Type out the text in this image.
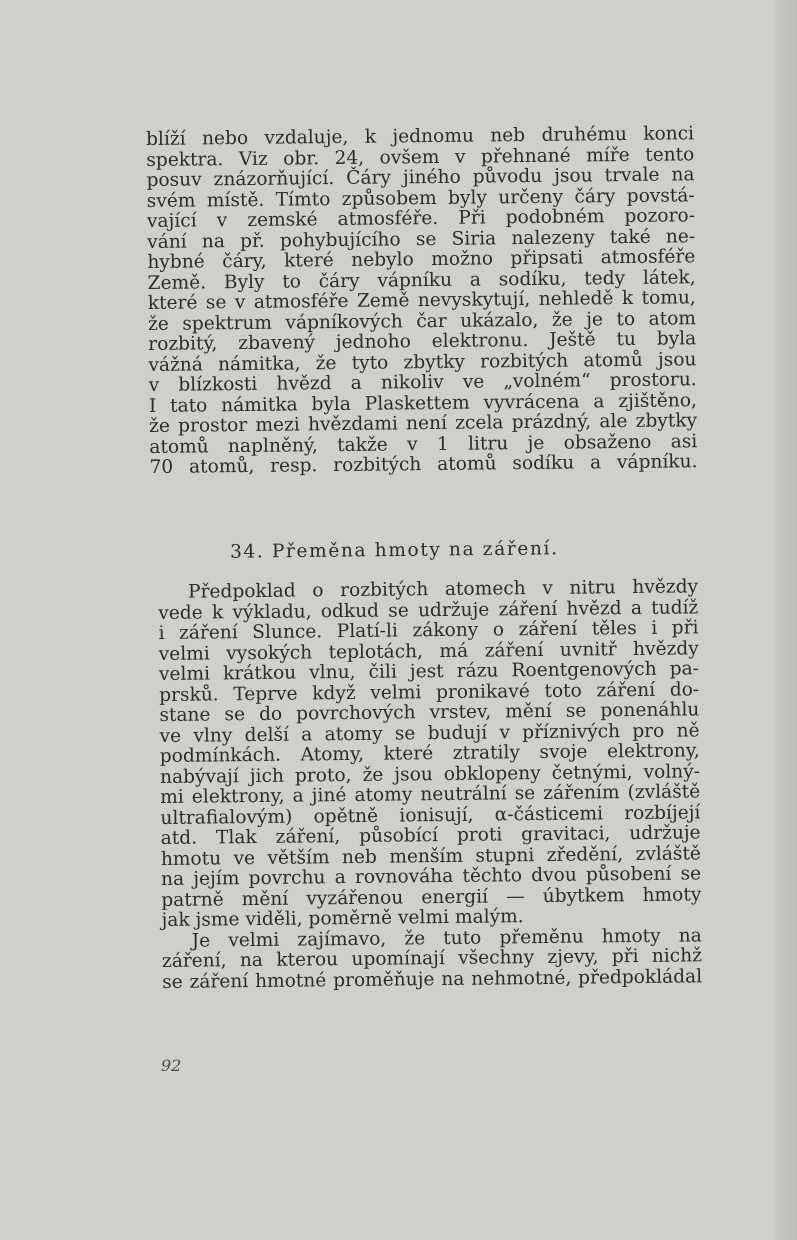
blíží nebo vzdaluje, k jednomu neb druhému konci
spektra. Viz obr. 24, ovšem v přehnané míře tento
posuv znázorňující. Čáry jiného původu jsou trvale na
svém místě. Tímto způsobem byly určeny čáry povstá-
vající v zemské atmosféře. Při podobném pozoro-
vání na př. pohybujícího se Siria nalezeny také ne-
hybné čáry, které nebylo možno připsati atmosféře
Země. Byly to čáry vápníku a sodíku, tedy látek,
které se v atmosféře Země nevyskytují, nehledě k tomu,
že spektrum vápníkových čar ukázalo, že je to atom
rozbitý, zbavený jednoho elektronu. Ještě tu byla
vážná námitka, že tyto zbytky rozbitých atomů jsou
v blízkosti hvězd a nikoliv ve „volném“ prostoru.
I tato námitka byla Plaskettem vyvrácena a zjištěno,
že prostor mezi hvězdami není zcela prázdný, ale zbytky
atomů naplněný, takže v 1 litru je obsaženo asi
70 atomů, resp. rozbitých atomů sodíku a vápníku.
34. Přeměna hmoty na záření.
Předpoklad o rozbitých atomech v nitru hvězdy
vede k výkladu, odkud se udržuje záření hvězd a tudíž
i záření Slunce. Platí-li zákony o záření těles i při
velmi vysokých teplotách, má záření uvnitř hvězdy
velmi krátkou vlnu, čili jest rázu Roentgenových pa-
prsků. Teprve když velmi pronikavé toto záření do-
stane se do povrchových vrstev, mění se ponenáhlu
ve vlny delší a atomy se budují v příznivých pro ně
podmínkách. Atomy, které ztratily svoje elektrony,
nabývají jich proto, že jsou obklopeny četnými, volný-
mi elektrony, a jiné atomy neutrální se zářením (zvláště
ultrafialovým) opětně ionisují, α-částicemi rozbíjejí
atd. Tlak záření, působící proti gravitaci, udržuje
hmotu ve větším neb menším stupni zředění, zvláště
na jejím povrchu a rovnováha těchto dvou působení se
patrně mění vyzářenou energií — úbytkem hmoty
jak jsme viděli, poměrně velmi malým.
Je velmi zajímavo, že tuto přeměnu hmoty na
záření, na kterou upomínají všechny zjevy, při nichž
se záření hmotné proměňuje na nehmotné, předpokládal
92
